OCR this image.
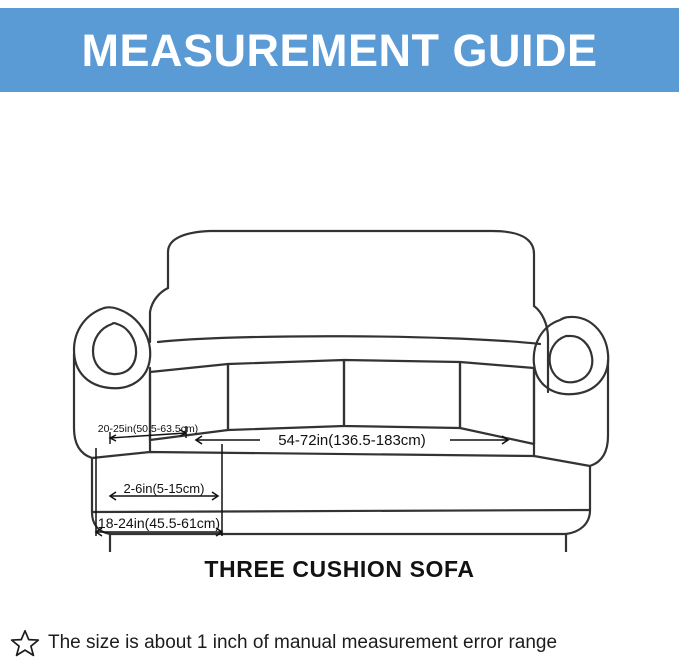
MEASUREMENT GUIDE
54-72in(136.5-183cm)
20-25in(50.5-63.5cm)
2-6in(5-15cm)
18-24in(45.5-61cm)
THREE CUSHION SOFA
The size is about 1 inch of manual measurement error range
